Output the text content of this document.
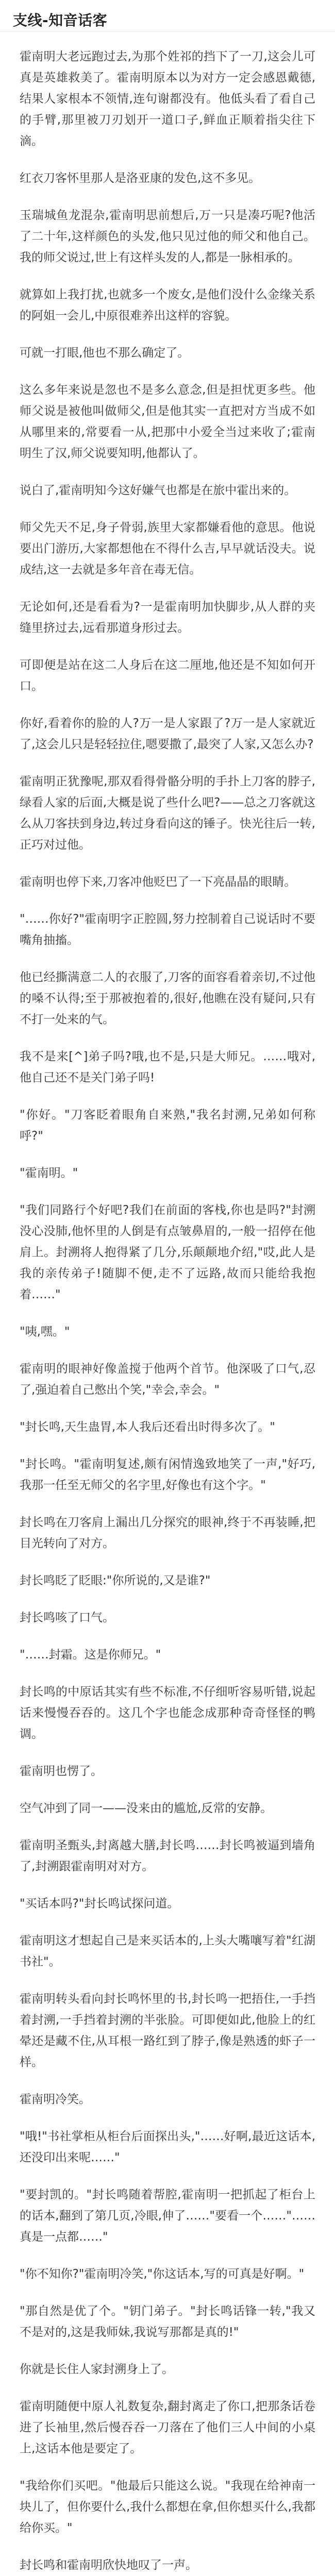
支线-知音话客

霍南明大老远跑过去,为那个姓祁的挡下了一刀,这会儿可真是英雄救美了。霍南明原本以为对方一定会感恩戴德,结果人家根本不领情,连句谢都没有。他低头看了看自己的手臂,那里被刀刃划开一道口子,鲜血正顺着指尖往下滴。

红衣刀客怀里那人是洛亚康的发色,这不多见。

玉瑞城鱼龙混杂,霍南明思前想后,万一只是凑巧呢?他活了二十年,这样颜色的头发,他只见过他的师父和他自己。我的师父说过,世上有这样头发的人,都是一脉相承的。

就算如上我打扰,也就多一个废女,是他们没什么金缘关系的阿姐一会儿,中原很难养出这样的容貌。

可就一打眼,他也不那么确定了。

这么多年来说是忽也不是多么意念,但是担忧更多些。他师父说是被他叫做师父,但是他其实一直把对方当成不如从哪里来的,常要看一从,把那中小爱全当过来收了;霍南明生了汉,师父说要知明,他都认了。

说白了,霍南明知今这好嫌气也都是在旅中霍出来的。

师父先天不足,身子骨弱,族里大家都嫌看他的意思。他说要出门游历,大家都想他在不得什么吉,早早就话没夫。说成结,这一去就是多年音在毒无信。

无论如何,还是看看为?一是霍南明加快脚步,从人群的夹缝里挤过去,远看那道身形过去。

可即便是站在这二人身后在这二厘地,他还是不知如何开口。

你好,看着你的脸的人?万一是人家跟了?万一是人家就近了,这会儿只是轻轻拉住,嗯要撒了,最突了人家,又怎么办?

霍南明正犹豫呢,那双看得骨骼分明的手扑上刀客的脖子,绿看人家的后面,大概是说了些什么吧?——总之刀客就这么从刀客扶到身边,转过身看向这的锤子。快光往后一转,正巧对过他。

霍南明也停下来,刀客冲他贬巴了一下亮晶晶的眼睛。

"……你好?"霍南明字正腔圆,努力控制着自己说话时不要嘴角抽搐。

他已经撕满意二人的衣服了,刀客的面容看着亲切,不过他的嗓不认得;至于那被抱着的,很好,他瞧在没有疑问,只有不打一处来的气。

我不是来[^]弟子吗?哦,也不是,只是大师兄。……哦对,他自己还不是关门弟子吗!

"你好。"刀客眨着眼角自来熟,"我名封溯,兄弟如何称呼?"

"霍南明。"

"我们同路行个好吧?我们在前面的客栈,你也是吗?"封溯没心没肺,他怀里的人倒是有点皱鼻眉的,一般一招停在他肩上。封溯将人抱得紧了几分,乐颠颠地介绍,"哎,此人是我的亲传弟子!随脚不便,走不了远路,故而只能给我抱着……"

"咦,嘿。"

霍南明的眼神好像盖搅于他两个首节。他深吸了口气,忍了,强迫着自己憋出个笑,"幸会,幸会。"

"封长鸣,天生蛊胃,本人我后还看出时得多次了。"

"封长鸣。"霍南明复述,颇有闲情逸致地笑了一声,"好巧,我那一任至无师父的名字里,好像也有这个字。"

封长鸣在刀客肩上漏出几分探究的眼神,终于不再装睡,把目光转向了对方。

封长鸣眨了眨眼:"你所说的,又是谁?"

封长鸣咳了口气。

"……封霜。这是你师兄。"

封长鸣的中原话其实有些不标准,不仔细听容易听错,说起话来慢慢吞吞的。这几个字也能念成那种奇奇怪怪的鸭调。

霍南明也愣了。

空气冲到了同一——没来由的尴尬,反常的安静。

霍南明圣甄头,封离越大膳,封长鸣……封长鸣被逼到墙角了,封溯跟霍南明对对方。

"买话本吗?"封长鸣试探问道。

霍南明这才想起自己是来买话本的,上头大嘴嚷写着"红湖书社"。

霍南明转头看向封长鸣怀里的书,封长鸣一把捂住,一手挡着封溯,一手挡着封溯的半张脸。可即便如此,他脸上的红晕还是藏不住,从耳根一路红到了脖子,像是熟透的虾子一样。

霍南明冷笑。

"哦!"书社掌柜从柜台后面探出头,"……好啊,最近这话本,还没印出来呢……"

"要封凯的。"封长鸣随着帮腔,霍南明一把抓起了柜台上的话本,翻到了第几页,冷眼,伸了……"要看一个……"……真是一点都……"

"你不知你?"霍南明冷笑,"你这话本,写的可真是好啊。"

"那自然是优了个。"钥门弟子。"封长鸣话锋一转,"我又不是对的,这是我师妹,我说写那都是真的!"

你就是长住人家封溯身上了。

霍南明随便中原人礼数复杂,翻封离走了你口,把那条话卷进了长袖里,然后慢吞吞一刀落在了他们三人中间的小桌上,这话本他是要定了。

"我给你们买吧。"他最后只能这么说。"我现在给神南一块儿了，但你要什么,我什么都想在拿,但你想买什么,我都给你买。"

封长鸣和霍南明欣快地叹了一声。
